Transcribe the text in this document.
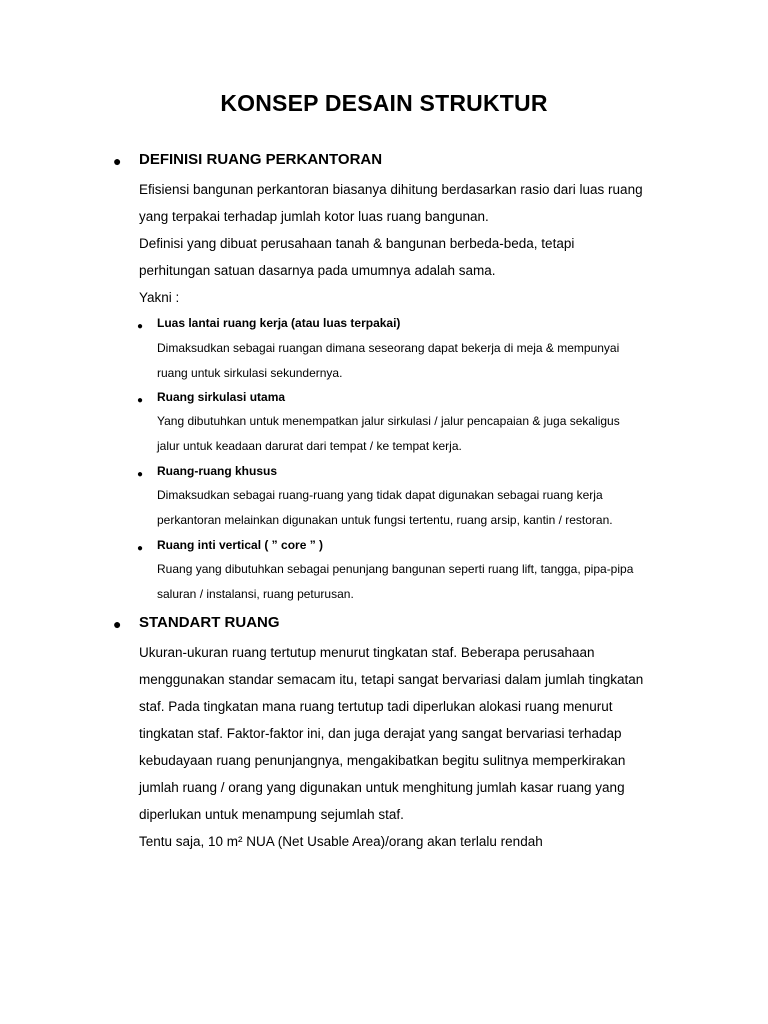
KONSEP DESAIN STRUKTUR
● DEFINISI RUANG PERKANTORAN
Efisiensi bangunan perkantoran biasanya dihitung berdasarkan rasio dari luas ruang
yang terpakai terhadap jumlah kotor luas ruang bangunan.
Definisi yang dibuat perusahaan tanah & bangunan berbeda-beda, tetapi
perhitungan satuan dasarnya pada umumnya adalah sama.
Yakni :
● Luas lantai ruang kerja (atau luas terpakai)
Dimaksudkan sebagai ruangan dimana seseorang dapat bekerja di meja & mempunyai
ruang untuk sirkulasi sekundernya.
● Ruang sirkulasi utama
Yang dibutuhkan untuk menempatkan jalur sirkulasi / jalur pencapaian & juga sekaligus
jalur untuk keadaan darurat dari tempat / ke tempat kerja.
● Ruang-ruang khusus
Dimaksudkan sebagai ruang-ruang yang tidak dapat digunakan sebagai ruang kerja
perkantoran melainkan digunakan untuk fungsi tertentu, ruang arsip, kantin / restoran.
● Ruang inti vertical ( ” core ” )
Ruang yang dibutuhkan sebagai penunjang bangunan seperti ruang lift, tangga, pipa-pipa
saluran / instalansi, ruang peturusan.
● STANDART RUANG
Ukuran-ukuran ruang tertutup menurut tingkatan staf. Beberapa perusahaan
menggunakan standar semacam itu, tetapi sangat bervariasi dalam jumlah tingkatan
staf. Pada tingkatan mana ruang tertutup tadi diperlukan alokasi ruang menurut
tingkatan staf. Faktor-faktor ini, dan juga derajat yang sangat bervariasi terhadap
kebudayaan ruang penunjangnya, mengakibatkan begitu sulitnya memperkirakan
jumlah ruang / orang yang digunakan untuk menghitung jumlah kasar ruang yang
diperlukan untuk menampung sejumlah staf.
Tentu saja, 10 m² NUA (Net Usable Area)/orang akan terlalu rendah
